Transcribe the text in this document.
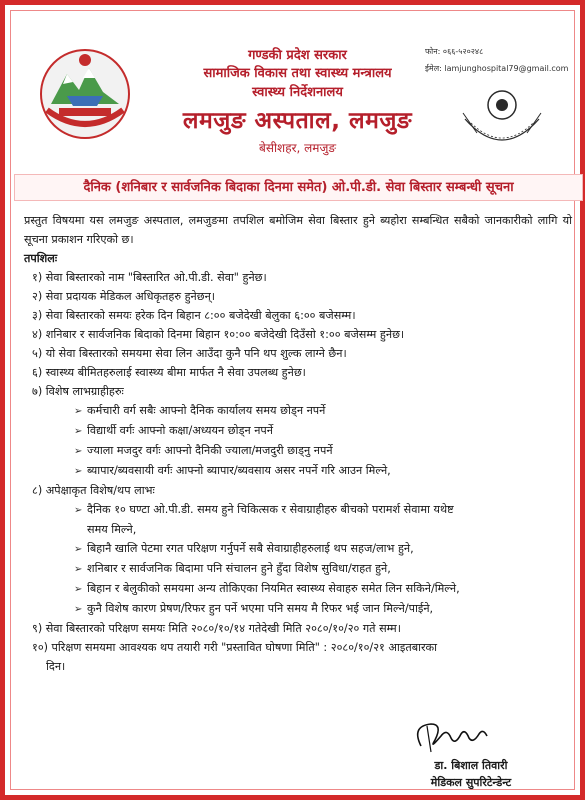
गण्डकी प्रदेश सरकार
सामाजिक विकास तथा स्वास्थ्य मन्त्रालय
स्वास्थ्य निर्देशनालय
लमजुङ अस्पताल, लमजुङ
बेसीशहर, लमजुङ
फोन: ०६६-५२०२४८
ईमेल: lamjunghospital79@gmail.com
दैनिक (शनिबार र सार्वजनिक बिदाका दिनमा समेत) ओ.पी.डी. सेवा बिस्तार सम्बन्धी सूचना
प्रस्तुत विषयमा यस लमजुङ अस्पताल, लमजुङमा तपशिल बमोजिम सेवा बिस्तार हुने ब्यहोरा सम्बन्धित सबैको जानकारीको लागि यो सूचना प्रकाशन गरिएको छ।
तपशिलः
१) सेवा बिस्तारको नाम "बिस्तारित ओ.पी.डी. सेवा" हुनेछ।
२) सेवा प्रदायक मेडिकल अधिकृतहरु हुनेछन्।
३) सेवा बिस्तारको समयः हरेक दिन बिहान ८:०० बजेदेखी बेलुका ६:०० बजेसम्म।
४) शनिबार र सार्वजनिक बिदाको दिनमा बिहान १०:०० बजेदेखी दिउँसो १:०० बजेसम्म हुनेछ।
५) यो सेवा बिस्तारको समयमा सेवा लिन आउँदा कुनै पनि थप शुल्क लाग्ने छैन।
६) स्वास्थ्य बीमितहरुलाई स्वास्थ्य बीमा मार्फत नै सेवा उपलब्ध हुनेछ।
७) विशेष लाभग्राहीहरुः
➢ कर्मचारी वर्ग सबैः आफ्नो दैनिक कार्यालय समय छोड्न नपर्ने
➢ विद्यार्थी वर्गः आफ्नो कक्षा/अध्ययन छोड्न नपर्ने
➢ ज्याला मजदुर वर्गः आफ्नो दैनिकी ज्याला/मजदुरी छाड्नु नपर्ने
➢ ब्यापार/ब्यवसायी वर्गः आफ्नो ब्यापार/ब्यवसाय असर नपर्ने गरि आउन मिल्ने,
८) अपेक्षाकृत विशेष/थप लाभः
➢ दैनिक १० घण्टा ओ.पी.डी. समय हुने चिकित्सक र सेवाग्राहीहरु बीचको परामर्श सेवामा यथेष्ट
समय मिल्ने,
➢ बिहानै खालि पेटमा रगत परिक्षण गर्नुपर्ने सबै सेवाग्राहीहरुलाई थप सहज/लाभ हुने,
➢ शनिबार र सार्वजनिक बिदामा पनि संचालन हुने हुँदा विशेष सुविधा/राहत हुने,
➢ बिहान र बेलुकीको समयमा अन्य तोकिएका नियमित स्वास्थ्य सेवाहरु समेत लिन सकिने/मिल्ने,
➢ कुनै विशेष कारण प्रेषण/रिफर हुन पर्ने भएमा पनि समय मै रिफर भई जान मिल्ने/पाईने,
९) सेवा बिस्तारको परिक्षण समयः मिति २०८०/१०/१४ गतेदेखी मिति २०८०/१०/२० गते सम्म।
१०) परिक्षण समयमा आवश्यक थप तयारी गरी "प्रस्तावित घोषणा मिति" : २०८०/१०/२१ आइतबारका
दिन।
डा. बिशाल तिवारी
मेडिकल सुपरिटेन्डेन्ट
